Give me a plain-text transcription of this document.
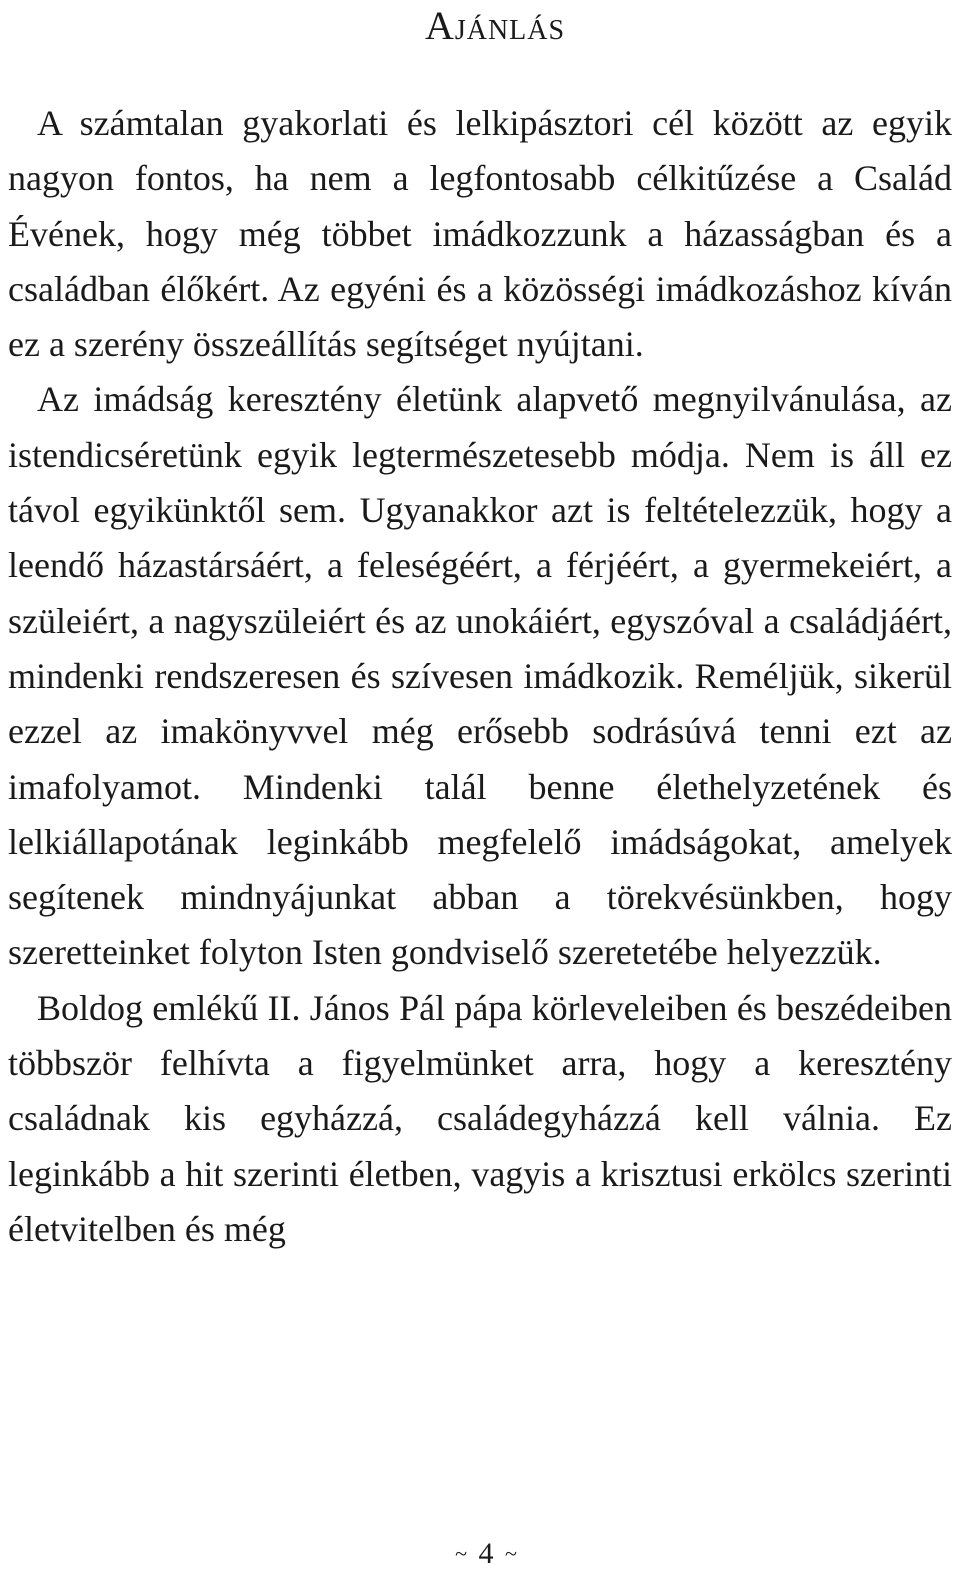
Ajánlás

A számtalan gyakorlati és lelkipásztori cél között az egyik nagyon fontos, ha nem a legfontosabb célkitűzése a Család Évének, hogy még többet imádkozzunk a házasságban és a családban élőkért. Az egyéni és a közösségi imádkozáshoz kíván ez a szerény összeállítás segítséget nyújtani.

Az imádság keresztény életünk alapvető megnyilvánulása, az istendicséretünk egyik legtermészetesebb módja. Nem is áll ez távol egyikünktől sem. Ugyanakkor azt is feltételezzük, hogy a leendő házastársáért, a feleségéért, a férjéért, a gyermekeiért, a szüleiért, a nagyszüleiért és az unokáiért, egyszóval a családjáért, mindenki rendszeresen és szívesen imádkozik. Reméljük, sikerül ezzel az imakönyvvel még erősebb sodrásúvá tenni ezt az imafolyamot. Mindenki talál benne élethelyzetének és lelkiállapotának leginkább megfelelő imádságokat, amelyek segítenek mindnyájunkat abban a törekvésünkben, hogy szeretteinket folyton Isten gondviselő szeretetébe helyezzük.

Boldog emlékű II. János Pál pápa körleveleiben és beszédeiben többször felhívta a figyelmünket arra, hogy a keresztény családnak kis egyházzá, családegyházzá kell válnia. Ez leginkább a hit szerinti életben, vagyis a krisztusi erkölcs szerinti életvitelben és még

~ 4 ~
